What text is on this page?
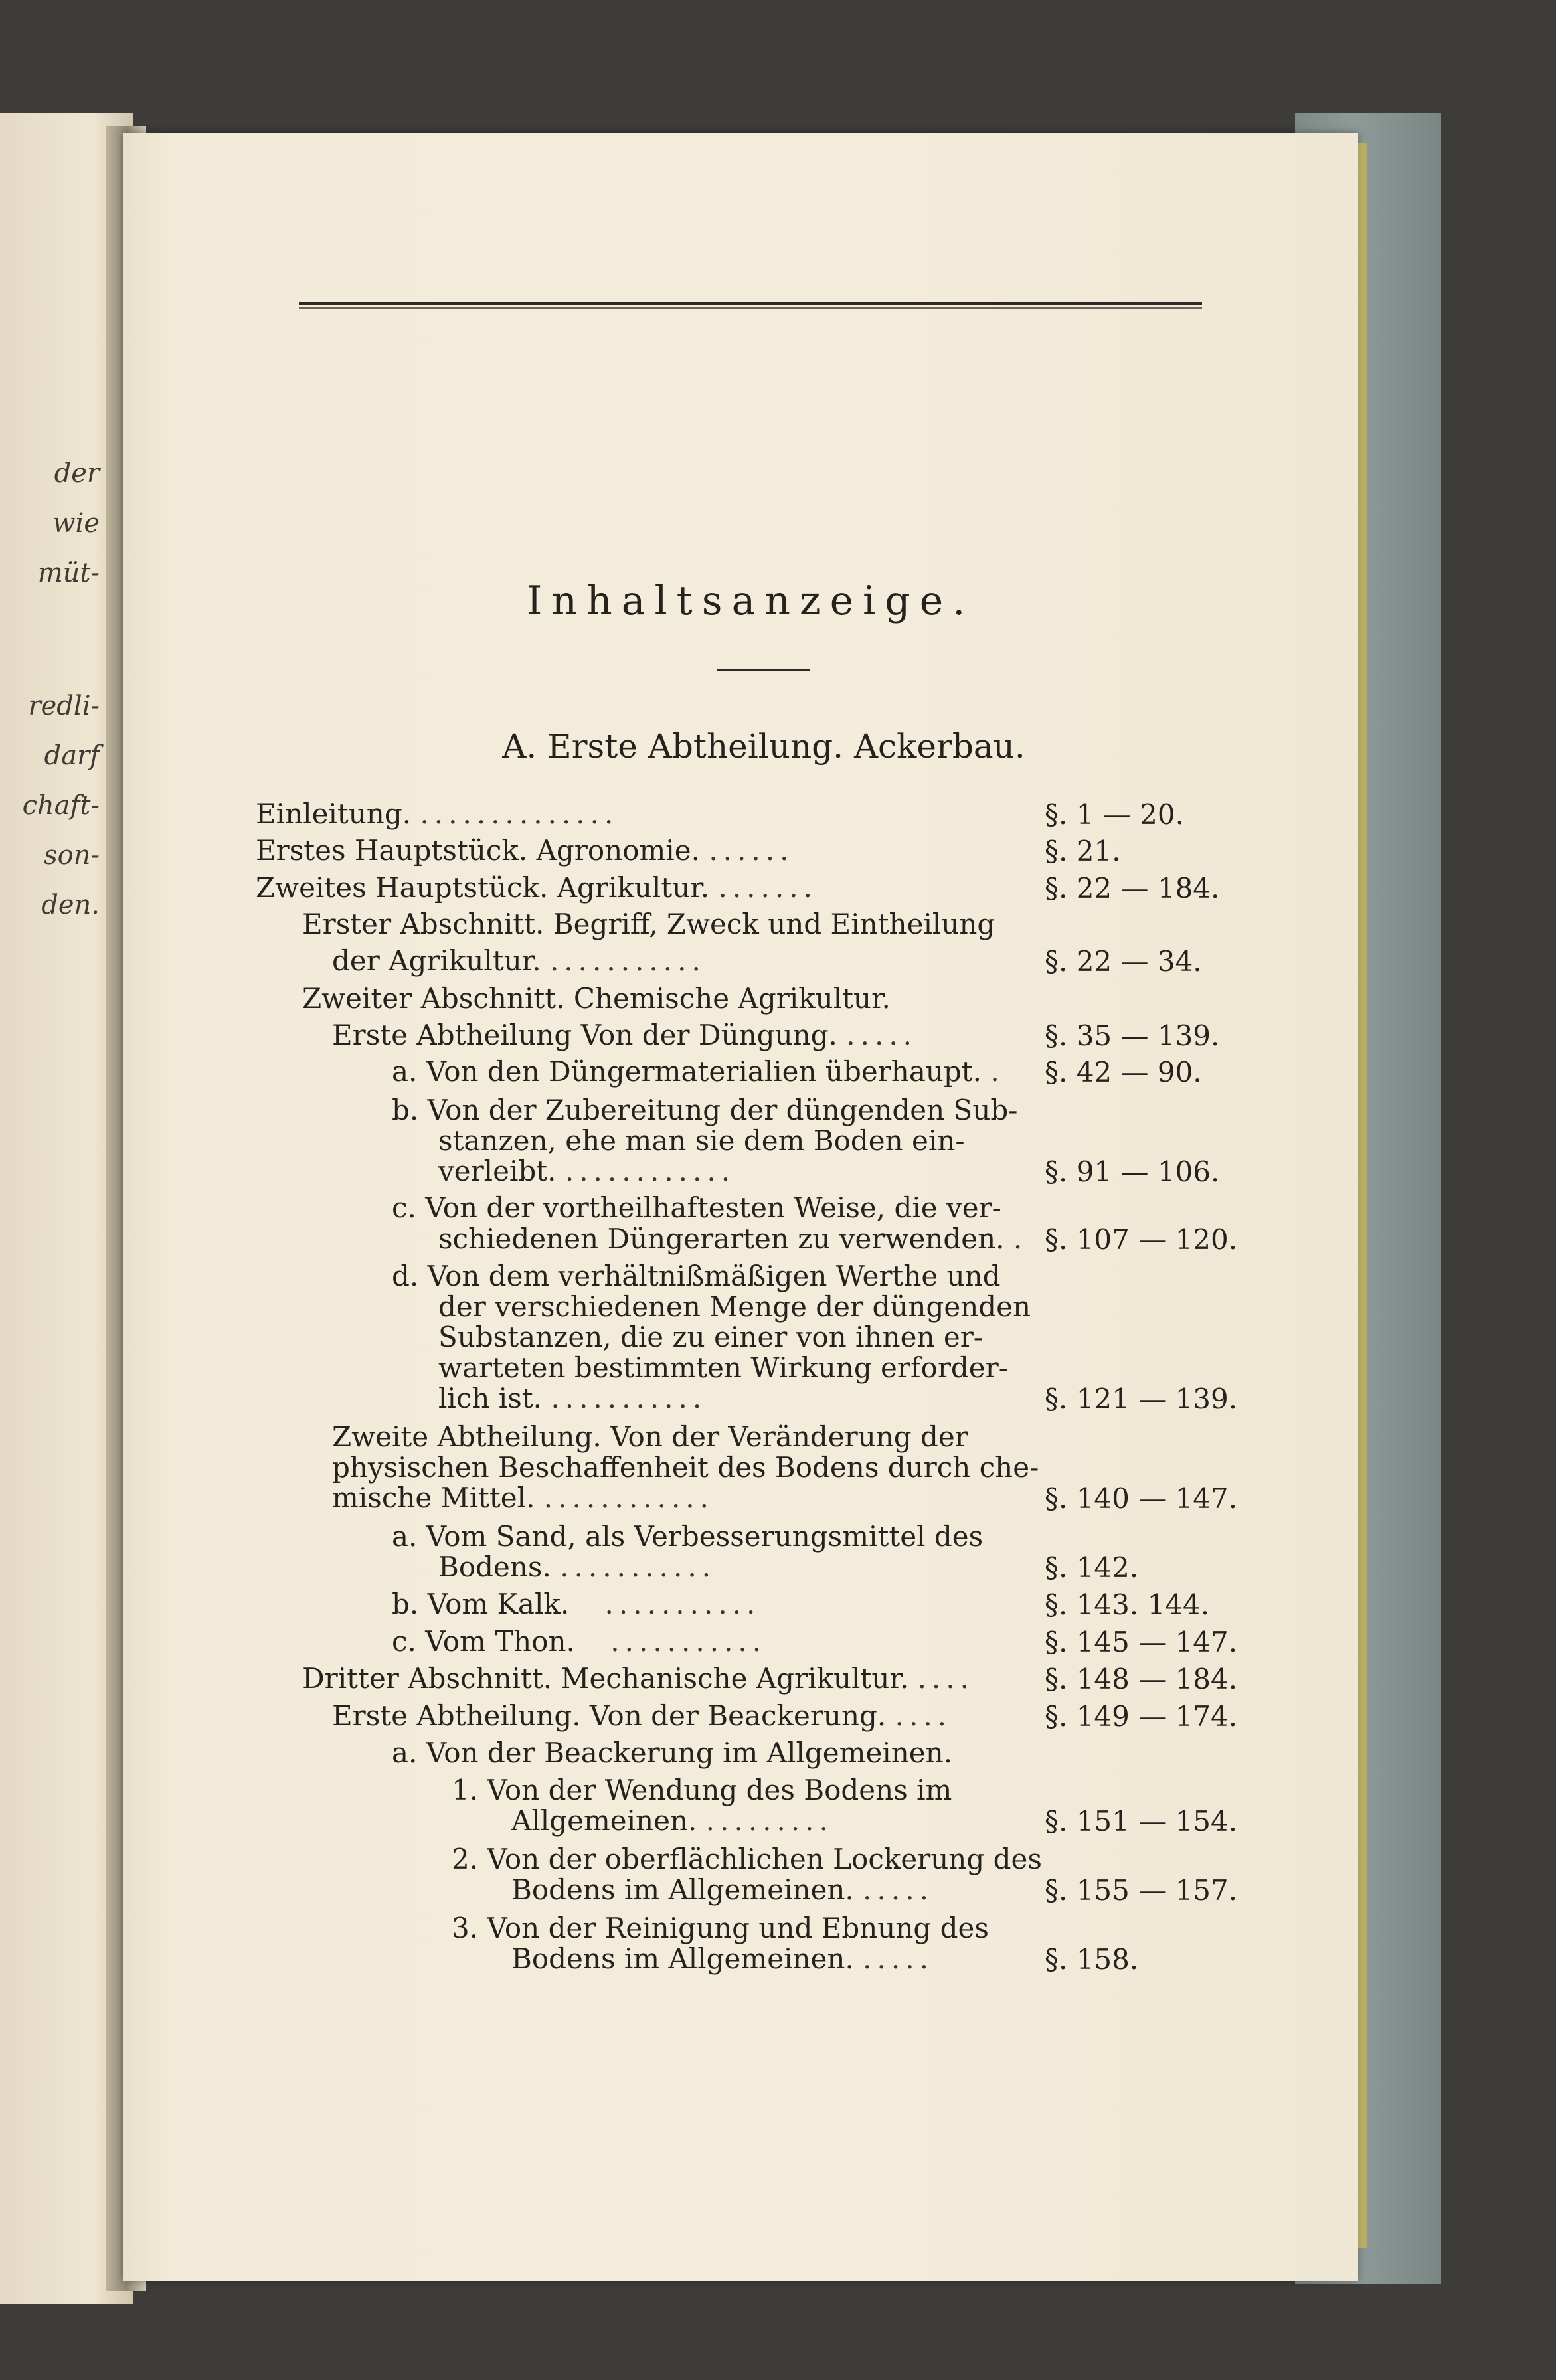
der
wie
müt-
redli-
darf
chaft-
son-
den.
Inhaltsanzeige.
A. Erste Abtheilung. Ackerbau.
Einleitung. ..............	§. 1 — 20.
Erstes Hauptstück. Agronomie. ......	§. 21.
Zweites Hauptstück. Agrikultur. .......	§. 22 — 184.
Erster Abschnitt. Begriff, Zweck und Eintheilung
der Agrikultur. ...........	§. 22 — 34.
Zweiter Abschnitt. Chemische Agrikultur.
Erste Abtheilung Von der Düngung. .....	§. 35 — 139.
a. Von den Düngermaterialien überhaupt. . §. 42 — 90.
b. Von der Zubereitung der düngenden Sub-
stanzen, ehe man sie dem Boden ein-
verleibt. ............	§. 91 — 106.
c. Von der vortheilhaftesten Weise, die ver-
schiedenen Düngerarten zu verwenden. . §. 107 — 120.
d. Von dem verhältnißmäßigen Werthe und
der verschiedenen Menge der düngenden
Substanzen, die zu einer von ihnen er-
warteten bestimmten Wirkung erforder-
lich ist. ...........	§. 121 — 139.
Zweite Abtheilung. Von der Veränderung der
physischen Beschaffenheit des Bodens durch che-
mische Mittel. ............	§. 140 — 147.
a. Vom Sand, als Verbesserungsmittel des
Bodens. ...........	§. 142.
b. Vom Kalk. ...........	§. 143. 144.
c. Vom Thon. ...........	§. 145 — 147.
Dritter Abschnitt. Mechanische Agrikultur. ....	§. 148 — 184.
Erste Abtheilung. Von der Beackerung. ....	§. 149 — 174.
a. Von der Beackerung im Allgemeinen.
1. Von der Wendung des Bodens im
Allgemeinen. .........	§. 151 — 154.
2. Von der oberflächlichen Lockerung des
Bodens im Allgemeinen. .....	§. 155 — 157.
3. Von der Reinigung und Ebnung des
Bodens im Allgemeinen. .....	§. 158.
